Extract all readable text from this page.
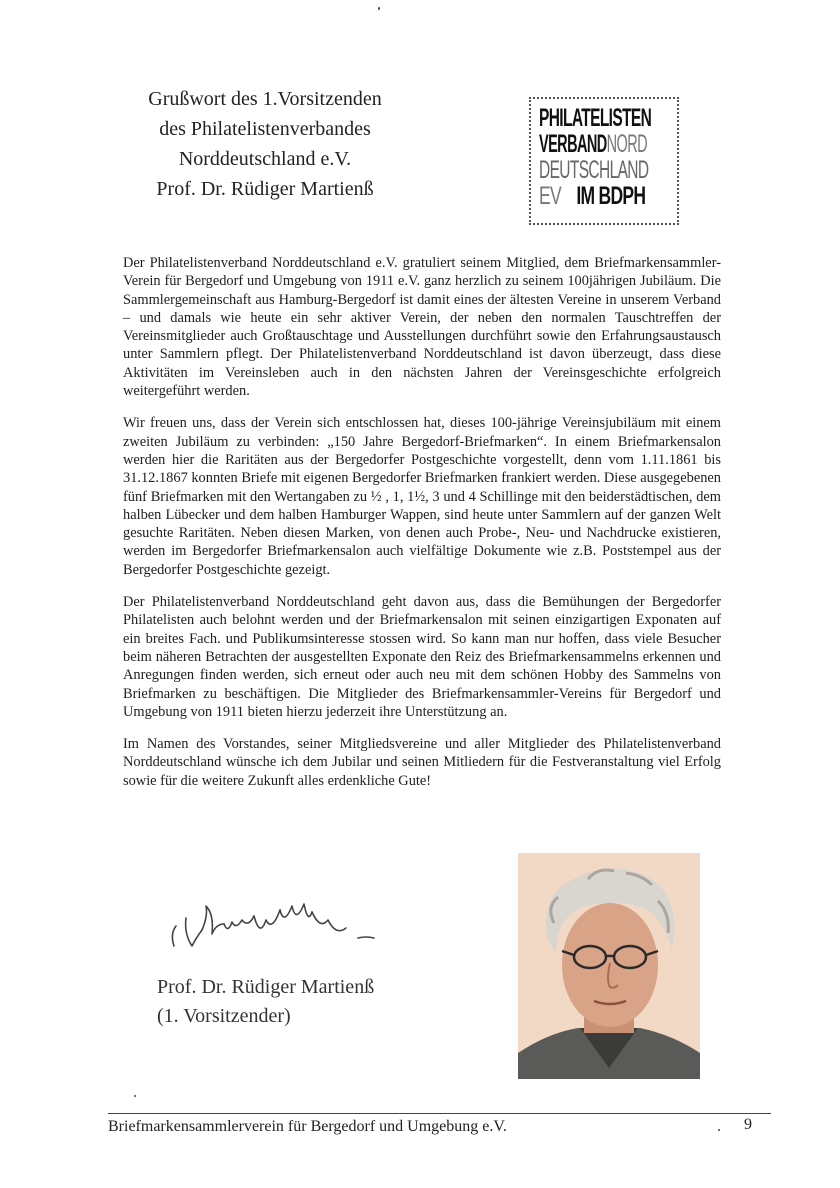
Grußwort des 1.Vorsitzenden
des Philatelistenverbandes
Norddeutschland e.V.
Prof. Dr. Rüdiger Martienß
PHILATELISTEN
VERBANDNORD
DEUTSCHLAND
EV IM BDPH

Der Philatelistenverband Norddeutschland e.V. gratuliert seinem Mitglied, dem Briefmarkensammler-Verein für Bergedorf und Umgebung von 1911 e.V. ganz herzlich zu seinem 100jährigen Jubiläum. Die Sammlergemeinschaft aus Hamburg-Bergedorf ist damit eines der ältesten Vereine in unserem Verband – und damals wie heute ein sehr aktiver Verein, der neben den normalen Tauschtreffen der Vereinsmitglieder auch Großtauschtage und Ausstellungen durchführt sowie den Erfahrungsaustausch unter Sammlern pflegt. Der Philatelistenverband Norddeutschland ist davon überzeugt, dass diese Aktivitäten im Vereinsleben auch in den nächsten Jahren der Vereinsgeschichte erfolgreich weitergeführt werden.

Wir freuen uns, dass der Verein sich entschlossen hat, dieses 100-jährige Vereinsjubiläum mit einem zweiten Jubiläum zu verbinden: „150 Jahre Bergedorf-Briefmarken“. In einem Briefmarkensalon werden hier die Raritäten aus der Bergedorfer Postgeschichte vorgestellt, denn vom 1.11.1861 bis 31.12.1867 konnten Briefe mit eigenen Bergedorfer Briefmarken frankiert werden. Diese ausgegebenen fünf Briefmarken mit den Wertangaben zu ½ , 1, 1½, 3 und 4 Schillinge mit den beiderstädtischen, dem halben Lübecker und dem halben Hamburger Wappen, sind heute unter Sammlern auf der ganzen Welt gesuchte Raritäten. Neben diesen Marken, von denen auch Probe-, Neu- und Nachdrucke existieren, werden im Bergedorfer Briefmarkensalon auch vielfältige Dokumente wie z.B. Poststempel aus der Bergedorfer Postgeschichte gezeigt.

Der Philatelistenverband Norddeutschland geht davon aus, dass die Bemühungen der Bergedorfer Philatelisten auch belohnt werden und der Briefmarkensalon mit seinen einzigartigen Exponaten auf ein breites Fach. und Publikumsinteresse stossen wird. So kann man nur hoffen, dass viele Besucher beim näheren Betrachten der ausgestellten Exponate den Reiz des Briefmarkensammelns erkennen und Anregungen finden werden, sich erneut oder auch neu mit dem schönen Hobby des Sammelns von Briefmarken zu beschäftigen. Die Mitglieder des Briefmarkensammler-Vereins für Bergedorf und Umgebung von 1911 bieten hierzu jederzeit ihre Unterstützung an.

Im Namen des Vorstandes, seiner Mitgliedsvereine und aller Mitglieder des Philatelistenverband Norddeutschland wünsche ich dem Jubilar und seinen Mitliedern für die Festveranstaltung viel Erfolg sowie für die weitere Zukunft alles erdenkliche Gute!

Prof. Dr. Rüdiger Martienß
(1. Vorsitzender)
Briefmarkensammlerverein für Bergedorf und Umgebung e.V.	9
